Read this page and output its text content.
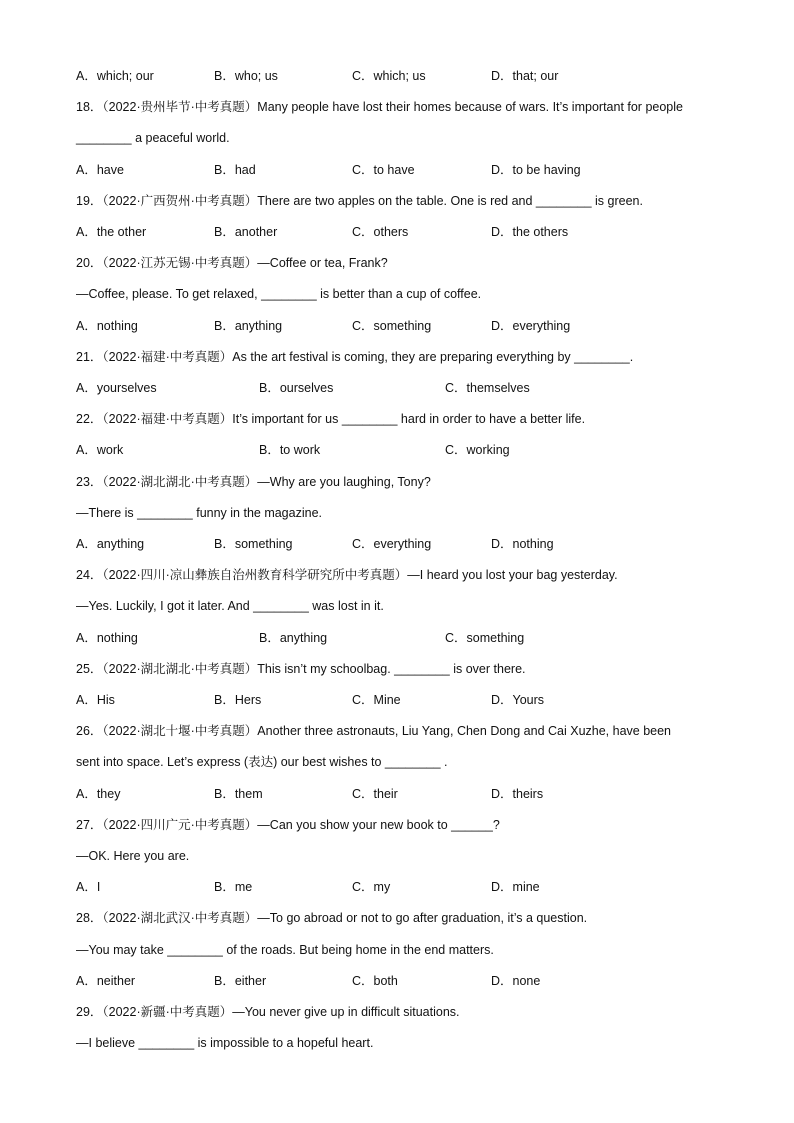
A．which; our	B．who; us	C．which; us	D．that; our
18．（2022·贵州毕节·中考真题）Many people have lost their homes because of wars. It’s important for people
________ a peaceful world.
A．have	B．had	C．to have	D．to be having
19．（2022·广西贺州·中考真题）There are two apples on the table. One is red and ________ is green.
A．the other	B．another	C．others	D．the others
20．（2022·江苏无锡·中考真题）—Coffee or tea, Frank?
—Coffee, please. To get relaxed, ________ is better than a cup of coffee.
A．nothing	B．anything	C．something	D．everything
21．（2022·福建·中考真题）As the art festival is coming, they are preparing everything by ________.
A．yourselves	B．ourselves	C．themselves
22．（2022·福建·中考真题）It’s important for us ________ hard in order to have a better life.
A．work	B．to work	C．working
23．（2022·湖北湖北·中考真题）—Why are you laughing, Tony?
—There is ________ funny in the magazine.
A．anything	B．something	C．everything	D．nothing
24．（2022·四川·凉山彝族自治州教育科学研究所中考真题）—I heard you lost your bag yesterday.
—Yes. Luckily, I got it later. And ________ was lost in it.
A．nothing	B．anything	C．something
25．（2022·湖北湖北·中考真题）This isn’t my schoolbag. ________ is over there.
A．His	B．Hers	C．Mine	D．Yours
26．（2022·湖北十堰·中考真题）Another three astronauts, Liu Yang, Chen Dong and Cai Xuzhe, have been
sent into space. Let’s express (表达) our best wishes to ________ .
A．they	B．them	C．their	D．theirs
27．（2022·四川广元·中考真题）—Can you show your new book to ______?
—OK. Here you are.
A．I	B．me	C．my	D．mine
28．（2022·湖北武汉·中考真题）—To go abroad or not to go after graduation, it’s a question.
—You may take ________ of the roads. But being home in the end matters.
A．neither	B．either	C．both	D．none
29．（2022·新疆·中考真题）—You never give up in difficult situations.
—I believe ________ is impossible to a hopeful heart.
